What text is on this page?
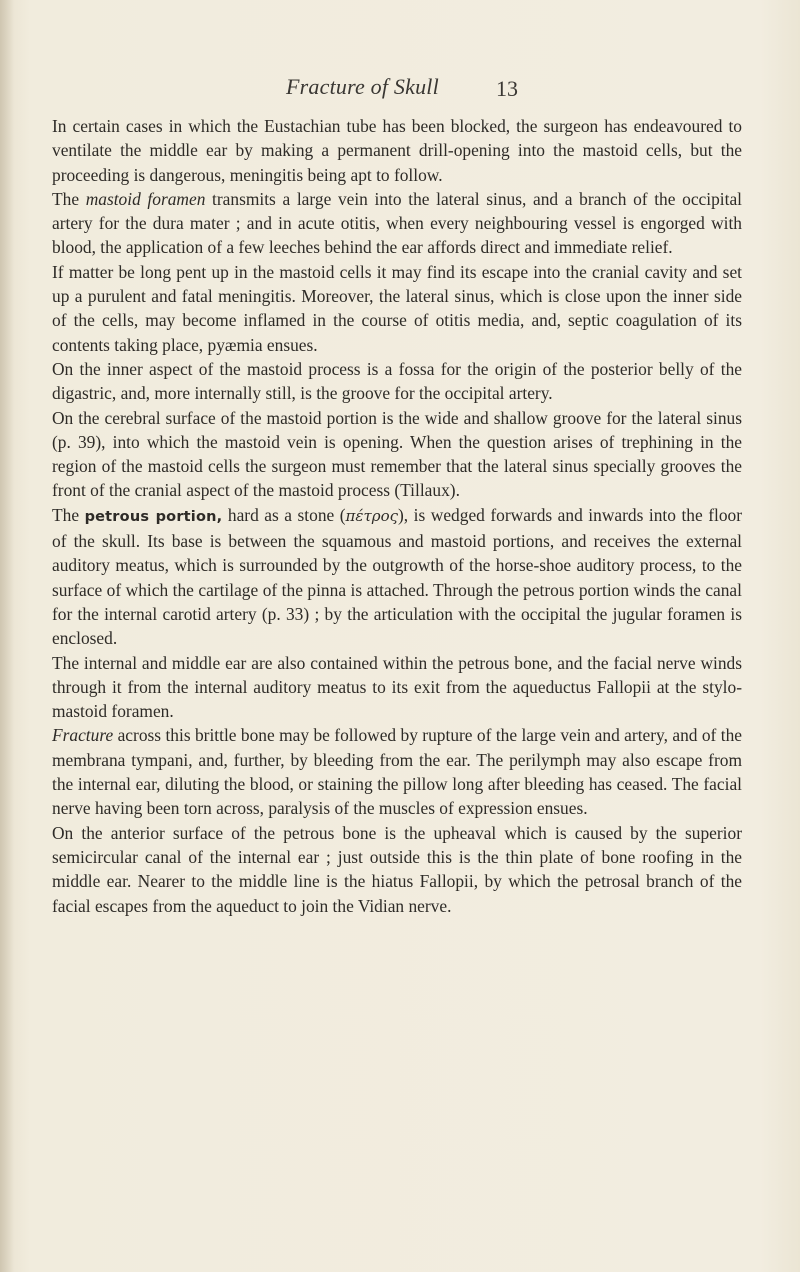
Fracture of Skull	13

In certain cases in which the Eustachian tube has been blocked, the surgeon has endeavoured to ventilate the middle ear by making a permanent drill-opening into the mastoid cells, but the proceeding is dangerous, meningitis being apt to follow.

The mastoid foramen transmits a large vein into the lateral sinus, and a branch of the occipital artery for the dura mater ; and in acute otitis, when every neighbouring vessel is engorged with blood, the application of a few leeches behind the ear affords direct and immediate relief.

If matter be long pent up in the mastoid cells it may find its escape into the cranial cavity and set up a purulent and fatal meningitis. Moreover, the lateral sinus, which is close upon the inner side of the cells, may become inflamed in the course of otitis media, and, septic coagulation of its contents taking place, pyæmia ensues.

On the inner aspect of the mastoid process is a fossa for the origin of the posterior belly of the digastric, and, more internally still, is the groove for the occipital artery.

On the cerebral surface of the mastoid portion is the wide and shallow groove for the lateral sinus (p. 39), into which the mastoid vein is opening. When the question arises of trephining in the region of the mastoid cells the surgeon must remember that the lateral sinus specially grooves the front of the cranial aspect of the mastoid process (Tillaux).

The petrous portion, hard as a stone (πέτρος), is wedged forwards and inwards into the floor of the skull. Its base is between the squamous and mastoid portions, and receives the external auditory meatus, which is surrounded by the outgrowth of the horse-shoe auditory process, to the surface of which the cartilage of the pinna is attached. Through the petrous portion winds the canal for the internal carotid artery (p. 33) ; by the articulation with the occipital the jugular foramen is enclosed.

The internal and middle ear are also contained within the petrous bone, and the facial nerve winds through it from the internal auditory meatus to its exit from the aqueductus Fallopii at the stylo-mastoid foramen.

Fracture across this brittle bone may be followed by rupture of the large vein and artery, and of the membrana tympani, and, further, by bleeding from the ear. The perilymph may also escape from the internal ear, diluting the blood, or staining the pillow long after bleeding has ceased. The facial nerve having been torn across, paralysis of the muscles of expression ensues.

On the anterior surface of the petrous bone is the upheaval which is caused by the superior semicircular canal of the internal ear ; just outside this is the thin plate of bone roofing in the middle ear. Nearer to the middle line is the hiatus Fallopii, by which the petrosal branch of the facial escapes from the aqueduct to join the Vidian nerve.
